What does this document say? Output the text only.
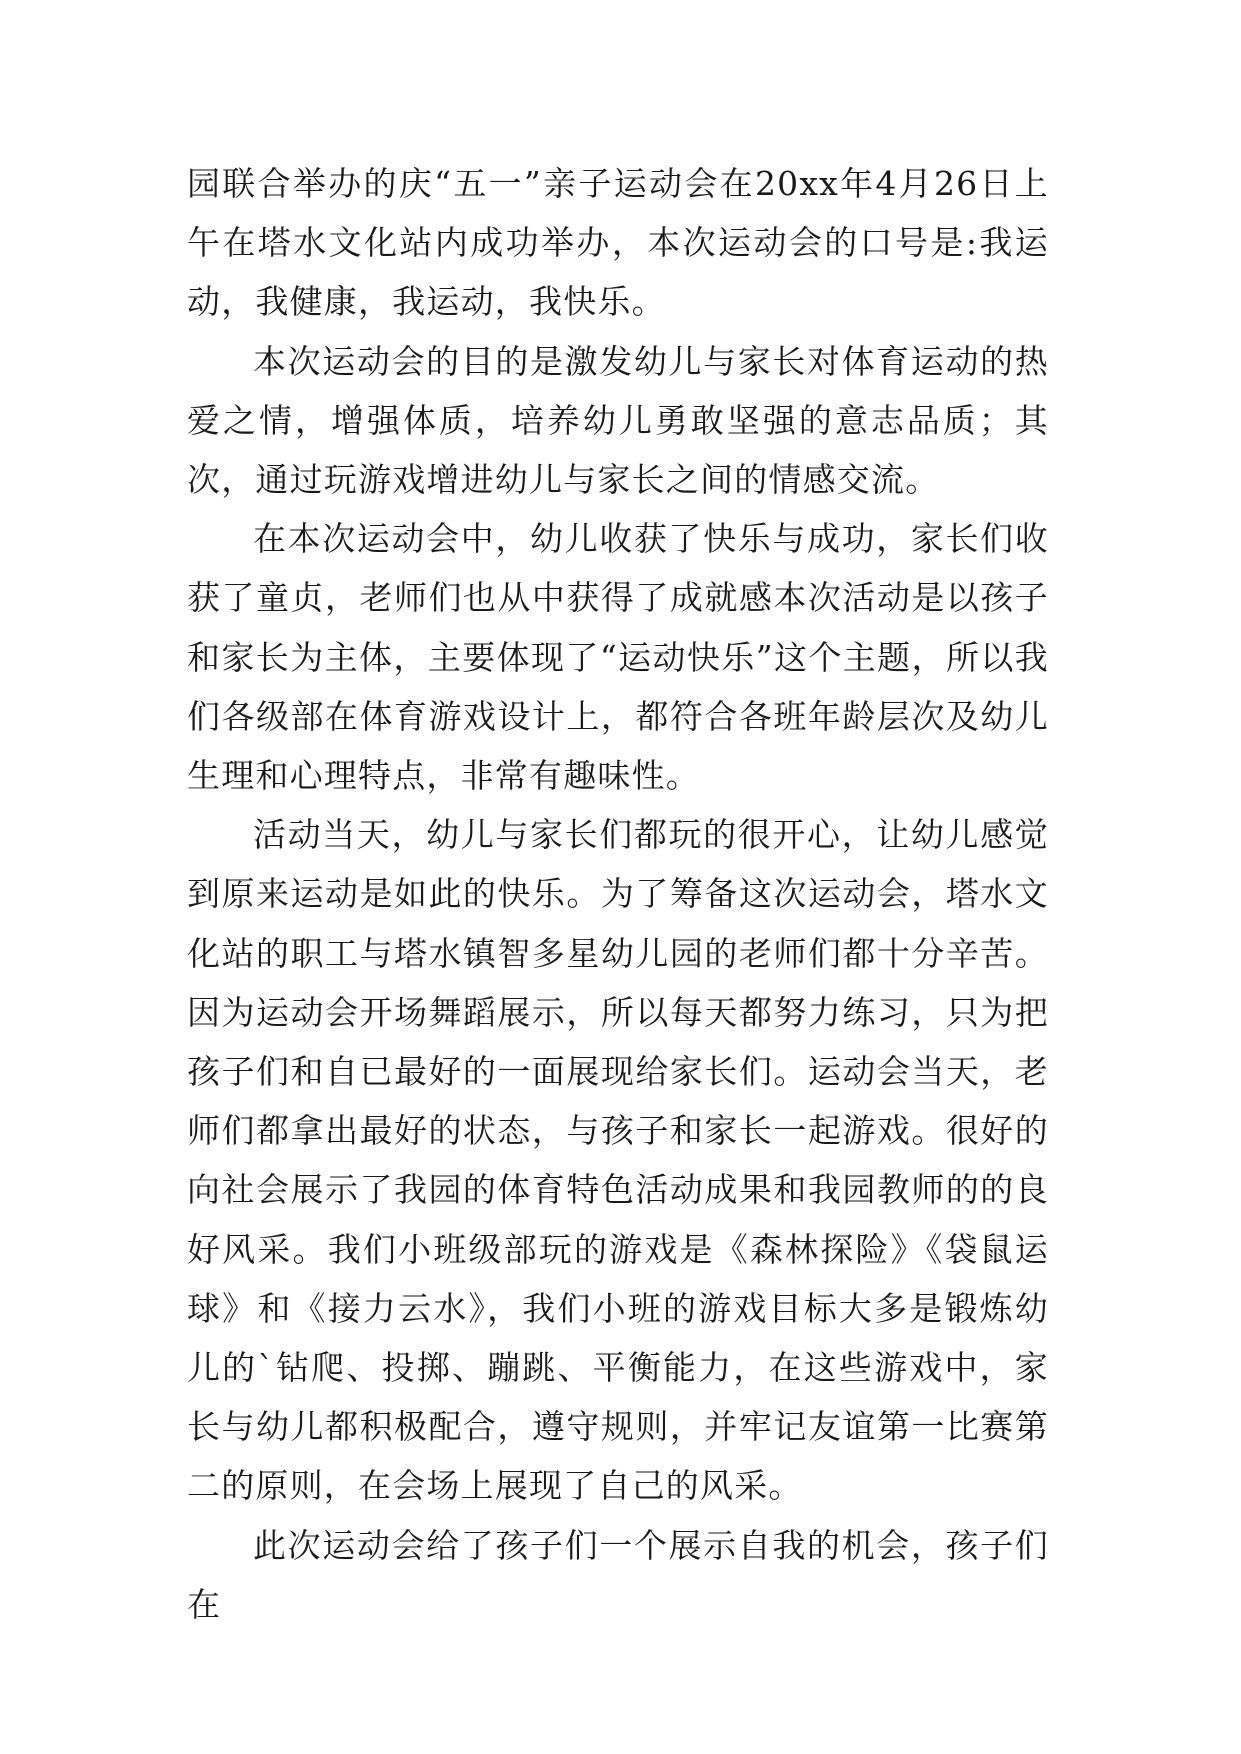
园联合举办的庆“五一”亲子运动会在20xx年4月26日上午在塔水文化站内成功举办，本次运动会的口号是:我运动，我健康，我运动，我快乐。

本次运动会的目的是激发幼儿与家长对体育运动的热爱之情，增强体质，培养幼儿勇敢坚强的意志品质；其次，通过玩游戏增进幼儿与家长之间的情感交流。

在本次运动会中，幼儿收获了快乐与成功，家长们收获了童贞，老师们也从中获得了成就感本次活动是以孩子和家长为主体，主要体现了“运动快乐”这个主题，所以我们各级部在体育游戏设计上，都符合各班年龄层次及幼儿生理和心理特点，非常有趣味性。

活动当天，幼儿与家长们都玩的很开心，让幼儿感觉到原来运动是如此的快乐。为了筹备这次运动会，塔水文化站的职工与塔水镇智多星幼儿园的老师们都十分辛苦。因为运动会开场舞蹈展示，所以每天都努力练习，只为把孩子们和自已最好的一面展现给家长们。运动会当天，老师们都拿出最好的状态，与孩子和家长一起游戏。很好的向社会展示了我园的体育特色活动成果和我园教师的的良好风采。我们小班级部玩的游戏是《森林探险》《袋鼠运球》和《接力云水》，我们小班的游戏目标大多是锻炼幼儿的`钻爬、投掷、蹦跳、平衡能力，在这些游戏中，家长与幼儿都积极配合，遵守规则，并牢记友谊第一比赛第二的原则，在会场上展现了自己的风采。

此次运动会给了孩子们一个展示自我的机会，孩子们在
